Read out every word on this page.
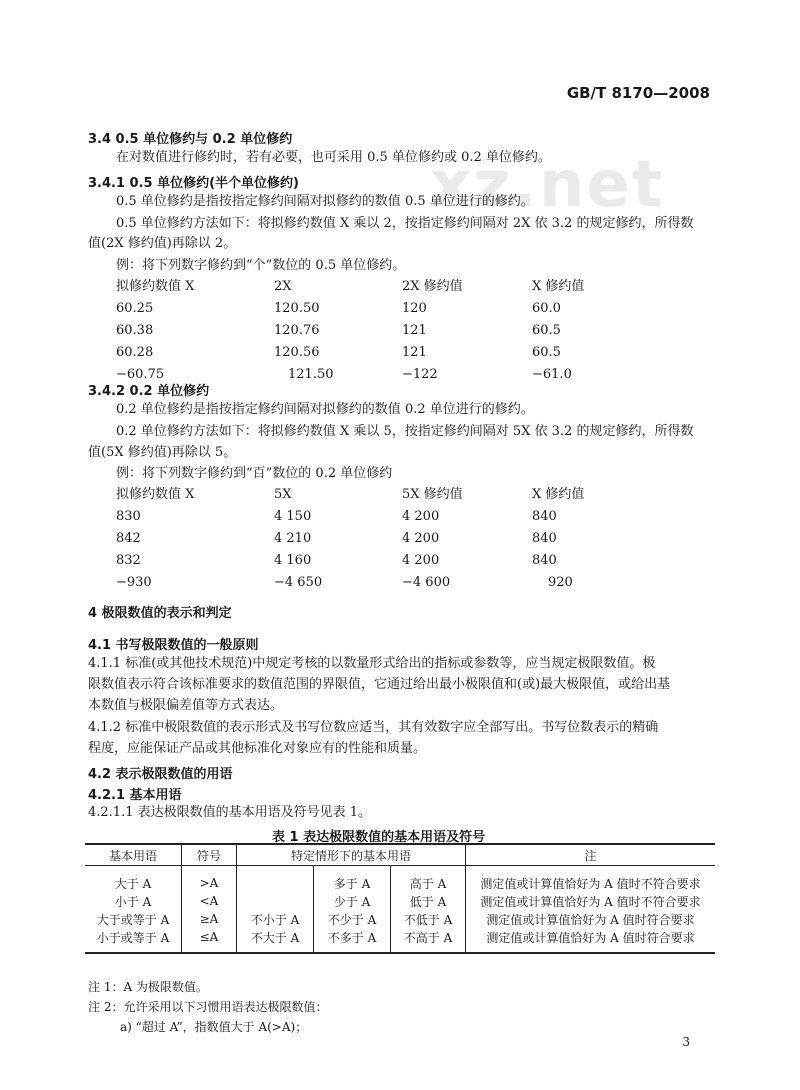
GB/T 8170—2008
xz.net
3.4 0.5 单位修约与 0.2 单位修约
在对数值进行修约时，若有必要，也可采用 0.5 单位修约或 0.2 单位修约。
3.4.1 0.5 单位修约(半个单位修约)
0.5 单位修约是指按指定修约间隔对拟修约的数值 0.5 单位进行的修约。
0.5 单位修约方法如下：将拟修约数值 X 乘以 2，按指定修约间隔对 2X 依 3.2 的规定修约，所得数
值(2X 修约值)再除以 2。
例：将下列数字修约到“个”数位的 0.5 单位修约。
拟修约数值 X	2X	2X 修约值	X 修约值
60.25	120.50	120	60.0
60.38	120.76	121	60.5
60.28	120.56	121	60.5
−60.75	121.50	−122	−61.0
3.4.2 0.2 单位修约
0.2 单位修约是指按指定修约间隔对拟修约的数值 0.2 单位进行的修约。
0.2 单位修约方法如下：将拟修约数值 X 乘以 5，按指定修约间隔对 5X 依 3.2 的规定修约，所得数
值(5X 修约值)再除以 5。
例：将下列数字修约到“百”数位的 0.2 单位修约
拟修约数值 X	5X	5X 修约值	X 修约值
830	4 150	4 200	840
842	4 210	4 200	840
832	4 160	4 200	840
−930	−4 650	−4 600	920
4 极限数值的表示和判定
4.1 书写极限数值的一般原则
4.1.1 标准(或其他技术规范)中规定考核的以数量形式给出的指标或参数等，应当规定极限数值。极
限数值表示符合该标准要求的数值范围的界限值，它通过给出最小极限值和(或)最大极限值，或给出基
本数值与极限偏差值等方式表达。
4.1.2 标准中极限数值的表示形式及书写位数应适当，其有效数字应全部写出。书写位数表示的精确
程度，应能保证产品或其他标准化对象应有的性能和质量。
4.2 表示极限数值的用语
4.2.1 基本用语
4.2.1.1 表达极限数值的基本用语及符号见表 1。
表 1 表达极限数值的基本用语及符号
基本用语	符号	特定情形下的基本用语			注
大于 A	>A		多于 A	高于 A	测定值或计算值恰好为 A 值时不符合要求
小于 A	<A		少于 A	低于 A	测定值或计算值恰好为 A 值时不符合要求
大于或等于 A	≥A	不小于 A	不少于 A	不低于 A	测定值或计算值恰好为 A 值时符合要求
小于或等于 A	≤A	不大于 A	不多于 A	不高于 A	测定值或计算值恰好为 A 值时符合要求
注 1：A 为极限数值。
注 2：允许采用以下习惯用语表达极限数值：
a) “超过 A”，指数值大于 A(>A)；
3
